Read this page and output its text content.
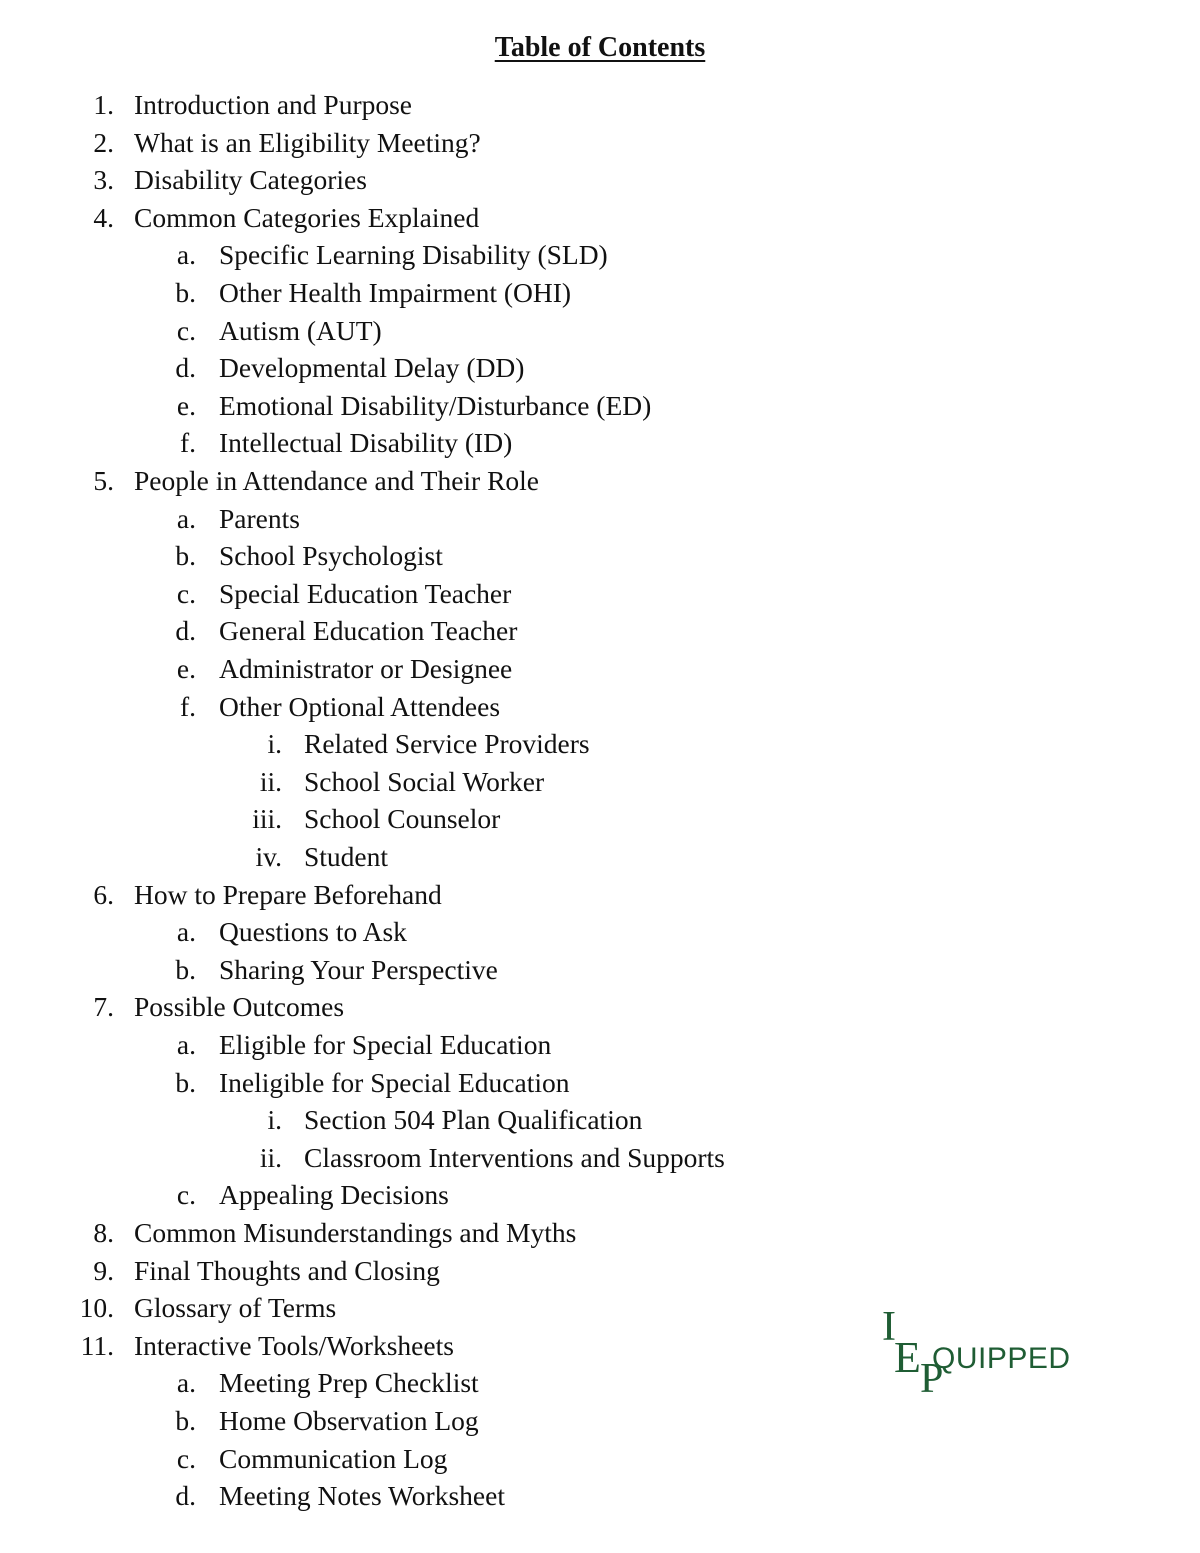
Table of Contents
1. Introduction and Purpose
2. What is an Eligibility Meeting?
3. Disability Categories
4. Common Categories Explained
a. Specific Learning Disability (SLD)
b. Other Health Impairment (OHI)
c. Autism (AUT)
d. Developmental Delay (DD)
e. Emotional Disability/Disturbance (ED)
f. Intellectual Disability (ID)
5. People in Attendance and Their Role
a. Parents
b. School Psychologist
c. Special Education Teacher
d. General Education Teacher
e. Administrator or Designee
f. Other Optional Attendees
i. Related Service Providers
ii. School Social Worker
iii. School Counselor
iv. Student
6. How to Prepare Beforehand
a. Questions to Ask
b. Sharing Your Perspective
7. Possible Outcomes
a. Eligible for Special Education
b. Ineligible for Special Education
i. Section 504 Plan Qualification
ii. Classroom Interventions and Supports
c. Appealing Decisions
8. Common Misunderstandings and Myths
9. Final Thoughts and Closing
10. Glossary of Terms
11. Interactive Tools/Worksheets
a. Meeting Prep Checklist
b. Home Observation Log
c. Communication Log
d. Meeting Notes Worksheet
I
E P
QUIPPED
